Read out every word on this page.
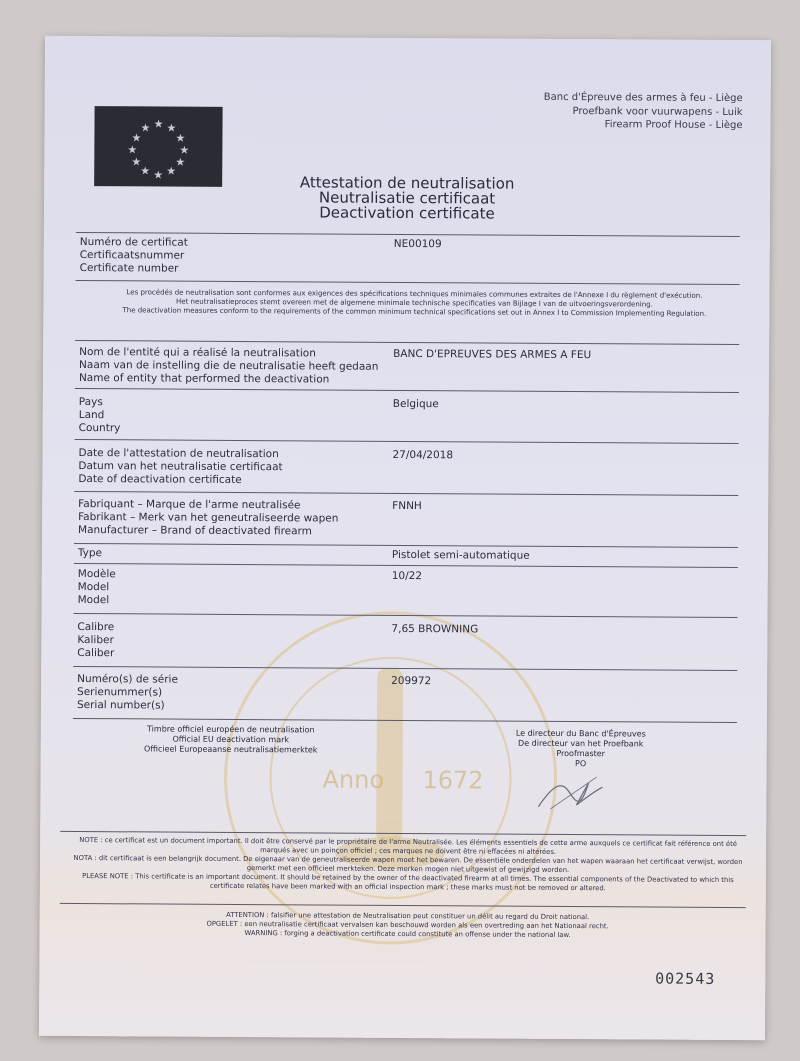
★ ★
★
★
★
★
★
★
★
★
★
★
Banc d'Épreuve des armes à feu - Liège
Proefbank voor vuurwapens - Luik
Firearm Proof House - Liège
Attestation de neutralisation
Neutralisatie certificaat
Deactivation certificate
Anno 1672
Numéro de certificat
Certificaatsnummer
Certificate number
NE00109
Les procédés de neutralisation sont conformes aux exigences des spécifications techniques minimales communes extraites de l'Annexe I du règlement d'exécution.
Het neutralisatieproces stemt overeen met de algemene minimale technische specificaties van Bijlage I van de uitvoeringsverordening.
The deactivation measures conform to the requirements of the common minimum technical specifications set out in Annex I to Commission Implementing Regulation.
Nom de l'entité qui a réalisé la neutralisation
Naam van de instelling die de neutralisatie heeft gedaan
Name of entity that performed the deactivation
BANC D'EPREUVES DES ARMES A FEU
Pays
Land
Country
Belgique
Date de l'attestation de neutralisation
Datum van het neutralisatie certificaat
Date of deactivation certificate
27/04/2018
Fabriquant – Marque de l'arme neutralisée
Fabrikant – Merk van het geneutraliseerde wapen
Manufacturer – Brand of deactivated firearm
FNNH
Type	Pistolet semi-automatique
Modèle
Model
Model
10/22
Calibre
Kaliber
Caliber
7,65 BROWNING
Numéro(s) de série
Serienummer(s)
Serial number(s)
209972
Timbre officiel européen de neutralisation
Official EU deactivation mark
Officieel Europeaanse neutralisatiemerktek
Le directeur du Banc d'Épreuves
De directeur van het Proefbank
Proofmaster
PO
NOTE : ce certificat est un document important. Il doit être conservé par le propriétaire de l'arme Neutralisée. Les éléments essentiels de cette arme auxquels ce certificat fait référence ont été marqués avec un poinçon officiel ; ces marques ne doivent être ni effacées ni altérées.
NOTA : dit certificaat is een belangrijk document. De eigenaar van de geneutraliseerde wapen moet het bewaren. De essentiële onderdelen van het wapen waaraan het certificaat verwijst, worden gemerkt met een officieel merkteken. Deze merken mogen niet uitgewist of gewijzigd worden.
PLEASE NOTE : This certificate is an important document. It should be retained by the owner of the deactivated firearm at all times. The essential components of the Deactivated to which this certificate relates have been marked with an official inspection mark ; these marks must not be removed or altered.
ATTENTION : falsifier une attestation de Neutralisation peut constituer un délit au regard du Droit national.
OPGELET : een neutralisatie certificaat vervalsen kan beschouwd worden als een overtreding aan het Nationaal recht.
WARNING : forging a deactivation certificate could constitute an offense under the national law.
002543
